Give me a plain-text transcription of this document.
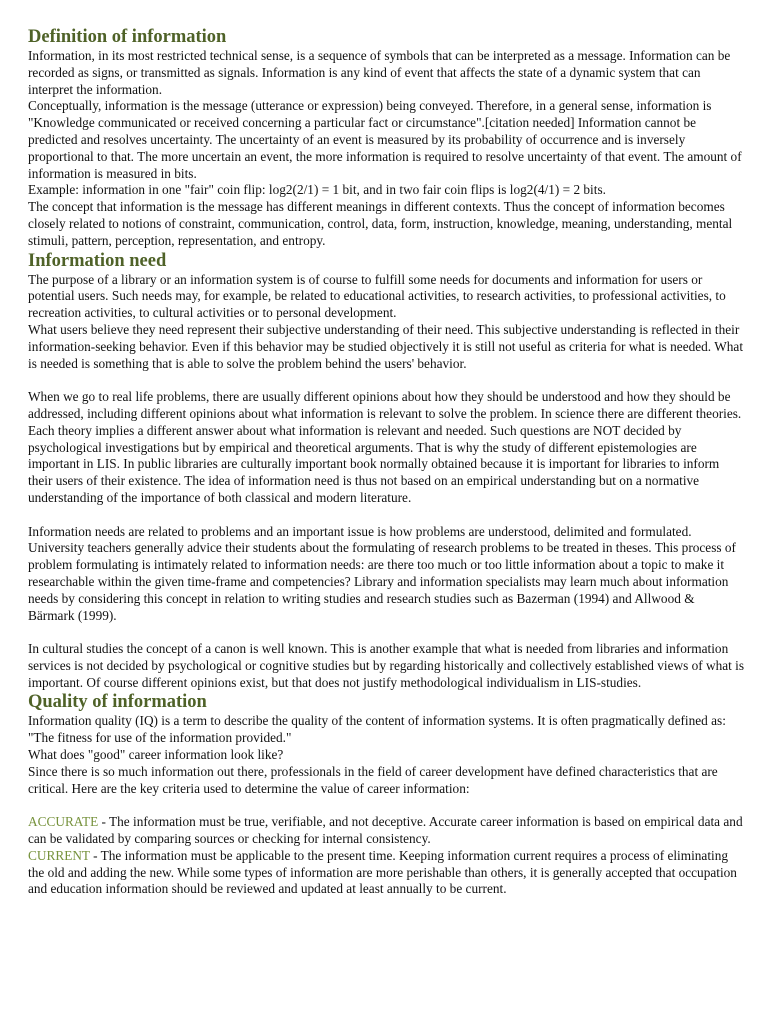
Definition of information

Information, in its most restricted technical sense, is a sequence of symbols that can be interpreted as a message. Information can be recorded as signs, or transmitted as signals. Information is any kind of event that affects the state of a dynamic system that can interpret the information.

Conceptually, information is the message (utterance or expression) being conveyed. Therefore, in a general sense, information is "Knowledge communicated or received concerning a particular fact or circumstance".[citation needed] Information cannot be predicted and resolves uncertainty. The uncertainty of an event is measured by its probability of occurrence and is inversely proportional to that. The more uncertain an event, the more information is required to resolve uncertainty of that event. The amount of information is measured in bits.

Example: information in one "fair" coin flip: log2(2/1) = 1 bit, and in two fair coin flips is log2(4/1) = 2 bits.

The concept that information is the message has different meanings in different contexts. Thus the concept of information becomes closely related to notions of constraint, communication, control, data, form, instruction, knowledge, meaning, understanding, mental stimuli, pattern, perception, representation, and entropy.

Information need

The purpose of a library or an information system is of course to fulfill some needs for documents and information for users or potential users. Such needs may, for example, be related to educational activities, to research activities, to professional activities, to recreation activities, to cultural activities or to personal development.

What users believe they need represent their subjective understanding of their need. This subjective understanding is reflected in their information-seeking behavior. Even if this behavior may be studied objectively it is still not useful as criteria for what is needed. What is needed is something that is able to solve the problem behind the users' behavior.

When we go to real life problems, there are usually different opinions about how they should be understood and how they should be addressed, including different opinions about what information is relevant to solve the problem. In science there are different theories. Each theory implies a different answer about what information is relevant and needed. Such questions are NOT decided by psychological investigations but by empirical and theoretical arguments. That is why the study of different epistemologies are important in LIS. In public libraries are culturally important book normally obtained because it is important for libraries to inform their users of their existence. The idea of information need is thus not based on an empirical understanding but on a normative understanding of the importance of both classical and modern literature.

Information needs are related to problems and an important issue is how problems are understood, delimited and formulated. University teachers generally advice their students about the formulating of research problems to be treated in theses. This process of problem formulating is intimately related to information needs: are there too much or too little information about a topic to make it researchable within the given time-frame and competencies? Library and information specialists may learn much about information needs by considering this concept in relation to writing studies and research studies such as Bazerman (1994) and Allwood & Bärmark (1999).

In cultural studies the concept of a canon is well known. This is another example that what is needed from libraries and information services is not decided by psychological or cognitive studies but by regarding historically and collectively established views of what is important. Of course different opinions exist, but that does not justify methodological individualism in LIS-studies.

Quality of information

Information quality (IQ) is a term to describe the quality of the content of information systems. It is often pragmatically defined as: "The fitness for use of the information provided."

What does "good" career information look like?

Since there is so much information out there, professionals in the field of career development have defined characteristics that are critical. Here are the key criteria used to determine the value of career information:

ACCURATE - The information must be true, verifiable, and not deceptive. Accurate career information is based on empirical data and can be validated by comparing sources or checking for internal consistency.

CURRENT - The information must be applicable to the present time. Keeping information current requires a process of eliminating the old and adding the new. While some types of information are more perishable than others, it is generally accepted that occupation and education information should be reviewed and updated at least annually to be current.
